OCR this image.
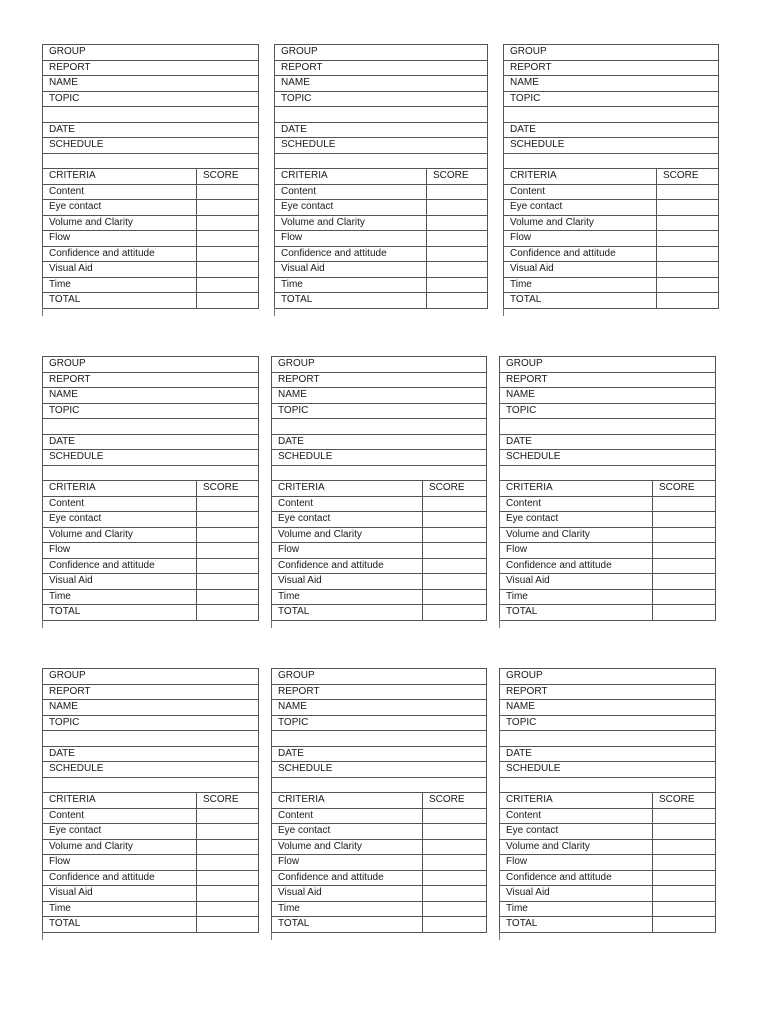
GROUP
REPORT
NAME
TOPIC
DATE
SCHEDULE
CRITERIA	SCORE
Content
Eye contact
Volume and Clarity
Flow
Confidence and attitude
Visual Aid
Time
TOTAL
GROUP
REPORT
NAME
TOPIC
DATE
SCHEDULE
CRITERIA	SCORE
Content
Eye contact
Volume and Clarity
Flow
Confidence and attitude
Visual Aid
Time
TOTAL
GROUP
REPORT
NAME
TOPIC
DATE
SCHEDULE
CRITERIA	SCORE
Content
Eye contact
Volume and Clarity
Flow
Confidence and attitude
Visual Aid
Time
TOTAL
GROUP
REPORT
NAME
TOPIC
DATE
SCHEDULE
CRITERIA	SCORE
Content
Eye contact
Volume and Clarity
Flow
Confidence and attitude
Visual Aid
Time
TOTAL
GROUP
REPORT
NAME
TOPIC
DATE
SCHEDULE
CRITERIA	SCORE
Content
Eye contact
Volume and Clarity
Flow
Confidence and attitude
Visual Aid
Time
TOTAL
GROUP
REPORT
NAME
TOPIC
DATE
SCHEDULE
CRITERIA	SCORE
Content
Eye contact
Volume and Clarity
Flow
Confidence and attitude
Visual Aid
Time
TOTAL
GROUP
REPORT
NAME
TOPIC
DATE
SCHEDULE
CRITERIA	SCORE
Content
Eye contact
Volume and Clarity
Flow
Confidence and attitude
Visual Aid
Time
TOTAL
GROUP
REPORT
NAME
TOPIC
DATE
SCHEDULE
CRITERIA	SCORE
Content
Eye contact
Volume and Clarity
Flow
Confidence and attitude
Visual Aid
Time
TOTAL
GROUP
REPORT
NAME
TOPIC
DATE
SCHEDULE
CRITERIA	SCORE
Content
Eye contact
Volume and Clarity
Flow
Confidence and attitude
Visual Aid
Time
TOTAL
